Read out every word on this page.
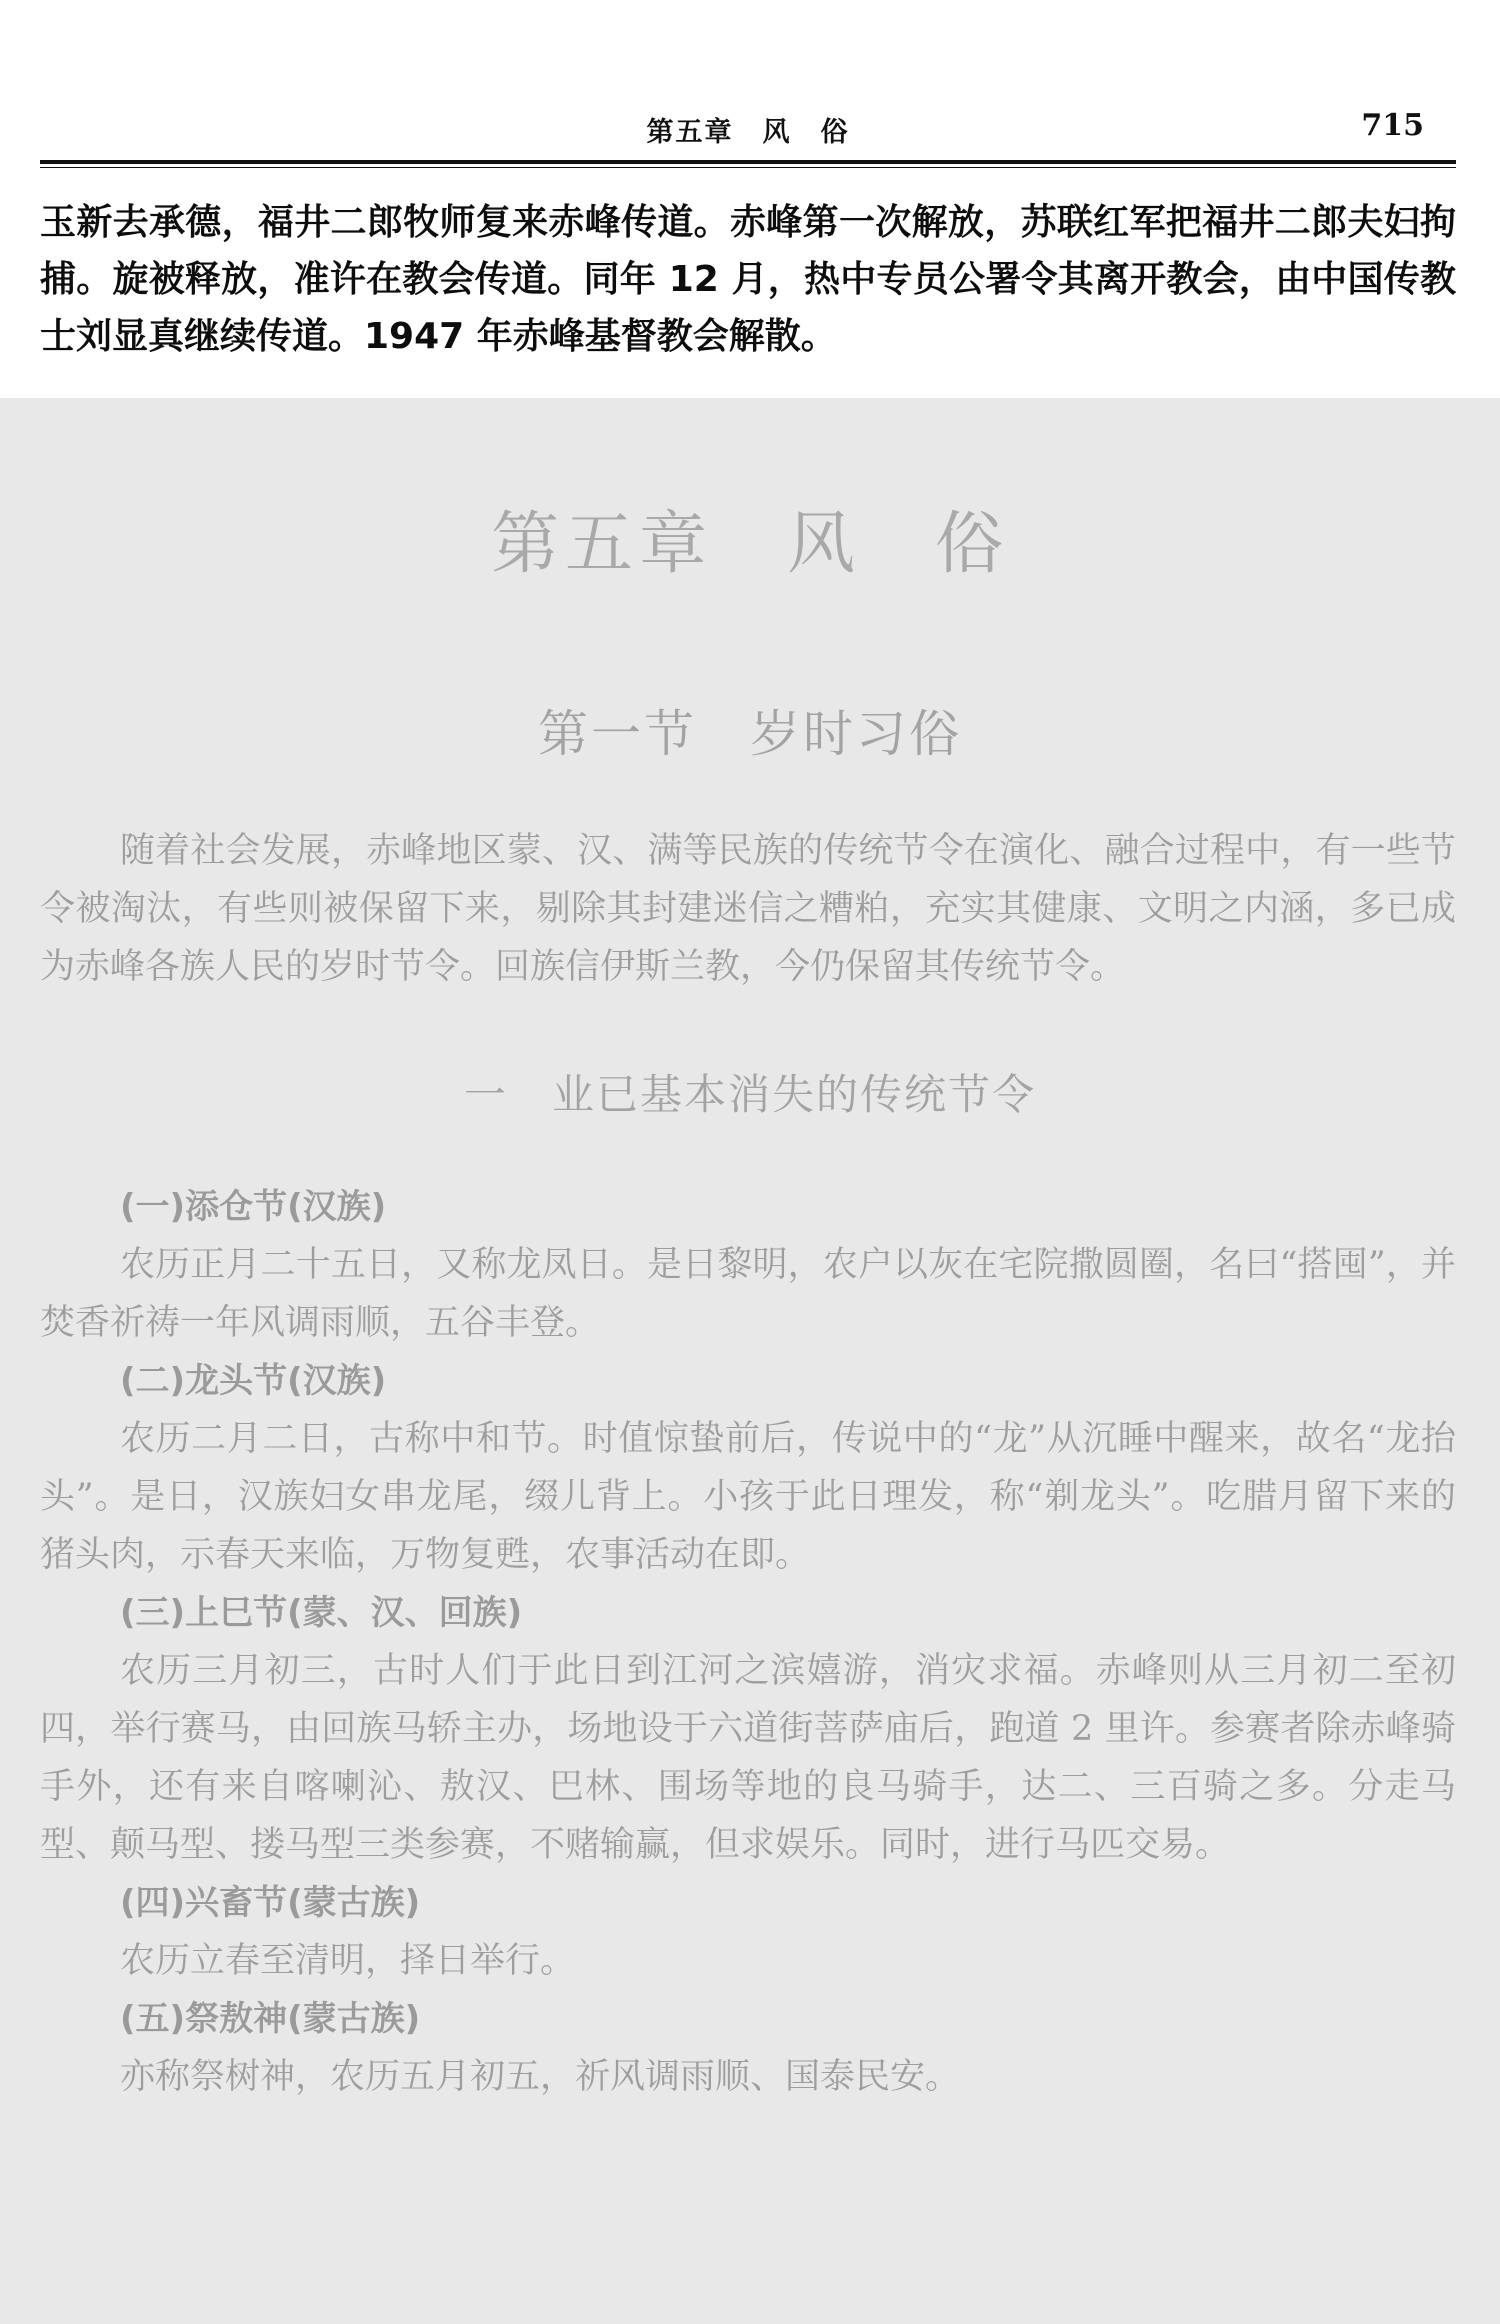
第五章　风　俗	715

玉新去承德，福井二郎牧师复来赤峰传道。赤峰第一次解放，苏联红军把福井二郎夫妇拘捕。旋被释放，准许在教会传道。同年 12 月，热中专员公署令其离开教会，由中国传教士刘显真继续传道。1947 年赤峰基督教会解散。

第五章　风　俗
第一节　岁时习俗

随着社会发展，赤峰地区蒙、汉、满等民族的传统节令在演化、融合过程中，有一些节令被淘汰，有些则被保留下来，剔除其封建迷信之糟粕，充实其健康、文明之内涵，多已成为赤峰各族人民的岁时节令。回族信伊斯兰教，今仍保留其传统节令。

一　业已基本消失的传统节令

(一)添仓节(汉族)

农历正月二十五日，又称龙凤日。是日黎明，农户以灰在宅院撒圆圈，名曰“搭囤”，并焚香祈祷一年风调雨顺，五谷丰登。

(二)龙头节(汉族)

农历二月二日，古称中和节。时值惊蛰前后，传说中的“龙”从沉睡中醒来，故名“龙抬头”。是日，汉族妇女串龙尾，缀儿背上。小孩于此日理发，称“剃龙头”。吃腊月留下来的猪头肉，示春天来临，万物复甦，农事活动在即。

(三)上巳节(蒙、汉、回族)

农历三月初三，古时人们于此日到江河之滨嬉游，消灾求福。赤峰则从三月初二至初四，举行赛马，由回族马轿主办，场地设于六道街菩萨庙后，跑道 2 里许。参赛者除赤峰骑手外，还有来自喀喇沁、敖汉、巴林、围场等地的良马骑手，达二、三百骑之多。分走马型、颠马型、搂马型三类参赛，不赌输赢，但求娱乐。同时，进行马匹交易。

(四)兴畜节(蒙古族)

农历立春至清明，择日举行。

(五)祭敖神(蒙古族)

亦称祭树神，农历五月初五，祈风调雨顺、国泰民安。
